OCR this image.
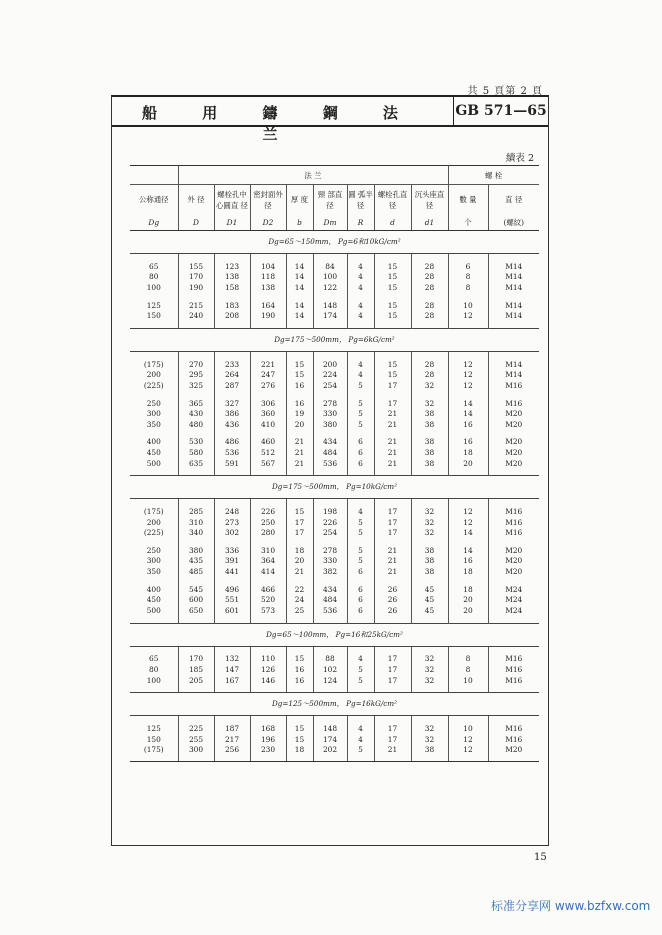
共 5 頁第 2 頁
船 用 鑄 鋼 法 兰
GB 571—65
續表 2
	法 兰								螺 栓	
公称通径	外 径	螺栓孔中心圓直 径	密封面外 径	厚 度	頸 部直 径	圓 弧半 径	螺栓孔直 径	沉头座直 径	數 量	直 径
Dg	D	D1	D2	b	Dm	R	d	d1	个	(螺紋)
Dg=65～150mm， Pg=6和10kG/cm²										

65	155	123	104	14	84	4	15	28	6	M14
80	170	138	118	14	100	4	15	28	8	M14
100	190	158	138	14	122	4	15	28	8	M14

125	215	183	164	14	148	4	15	28	10	M14
150	240	208	190	14	174	4	15	28	12	M14

Dg=175～500mm， Pg=6kG/cm²										

(175)	270	233	221	15	200	4	15	28	12	M14
200	295	264	247	15	224	4	15	28	12	M14
(225)	325	287	276	16	254	5	17	32	12	M16

250	365	327	306	16	278	5	17	32	14	M16
300	430	386	360	19	330	5	21	38	14	M20
350	480	436	410	20	380	5	21	38	16	M20

400	530	486	460	21	434	6	21	38	16	M20
450	580	536	512	21	484	6	21	38	18	M20
500	635	591	567	21	536	6	21	38	20	M20

Dg=175～500mm， Pg=10kG/cm²										

(175)	285	248	226	15	198	4	17	32	12	M16
200	310	273	250	17	226	5	17	32	12	M16
(225)	340	302	280	17	254	5	17	32	14	M16

250	380	336	310	18	278	5	21	38	14	M20
300	435	391	364	20	330	5	21	38	16	M20
350	485	441	414	21	382	6	21	38	18	M20

400	545	496	466	22	434	6	26	45	18	M24
450	600	551	520	24	484	6	26	45	20	M24
500	650	601	573	25	536	6	26	45	20	M24

Dg=65～100mm， Pg=16和25kG/cm²										

65	170	132	110	15	88	4	17	32	8	M16
80	185	147	126	16	102	5	17	32	8	M16
100	205	167	146	16	124	5	17	32	10	M16

Dg=125～500mm， Pg=16kG/cm²										

125	225	187	168	15	148	4	17	32	10	M16
150	255	217	196	15	174	4	17	32	12	M16
(175)	300	256	230	18	202	5	21	38	12	M20

15
标准分享网 www.bzfxw.com
